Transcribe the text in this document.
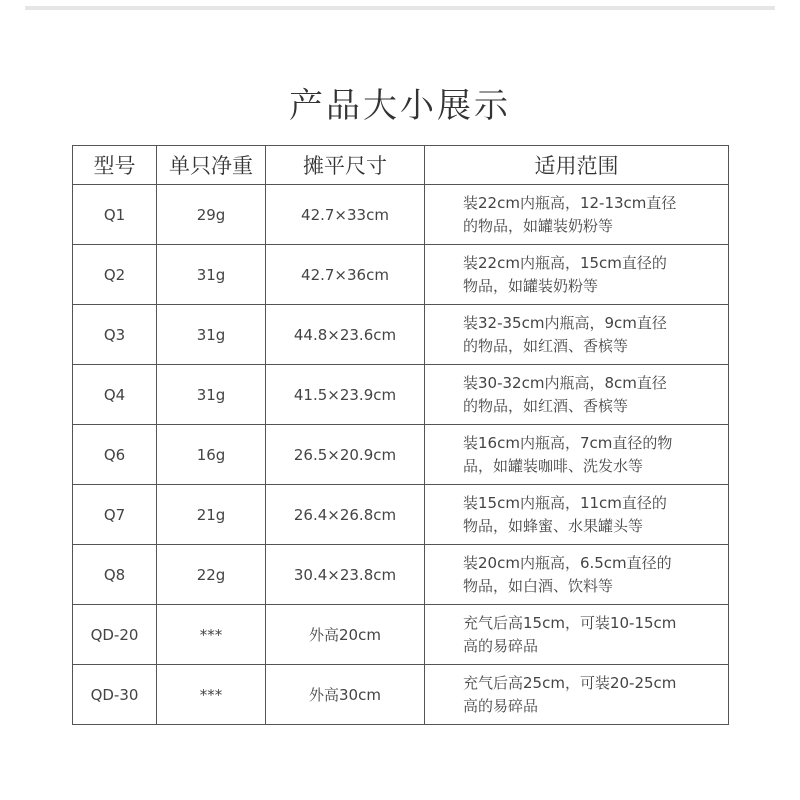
产品大小展示
型号	单只净重	摊平尺寸	适用范围
Q1	29g	42.7×33cm	装22cm内瓶高，12-13cm直径
的物品，如罐装奶粉等

Q2	31g	42.7×36cm	装22cm内瓶高，15cm直径的
物品，如罐装奶粉等

Q3	31g	44.8×23.6cm	装32-35cm内瓶高，9cm直径
的物品，如红酒、香槟等

Q4	31g	41.5×23.9cm	装30-32cm内瓶高，8cm直径
的物品，如红酒、香槟等

Q6	16g	26.5×20.9cm	装16cm内瓶高，7cm直径的物
品，如罐装咖啡、洗发水等

Q7	21g	26.4×26.8cm	装15cm内瓶高，11cm直径的
物品，如蜂蜜、水果罐头等

Q8	22g	30.4×23.8cm	装20cm内瓶高，6.5cm直径的
物品，如白酒、饮料等

QD-20	***	外高20cm	充气后高15cm，可装10-15cm
高的易碎品

QD-30	***	外高30cm	充气后高25cm，可装20-25cm
高的易碎品
